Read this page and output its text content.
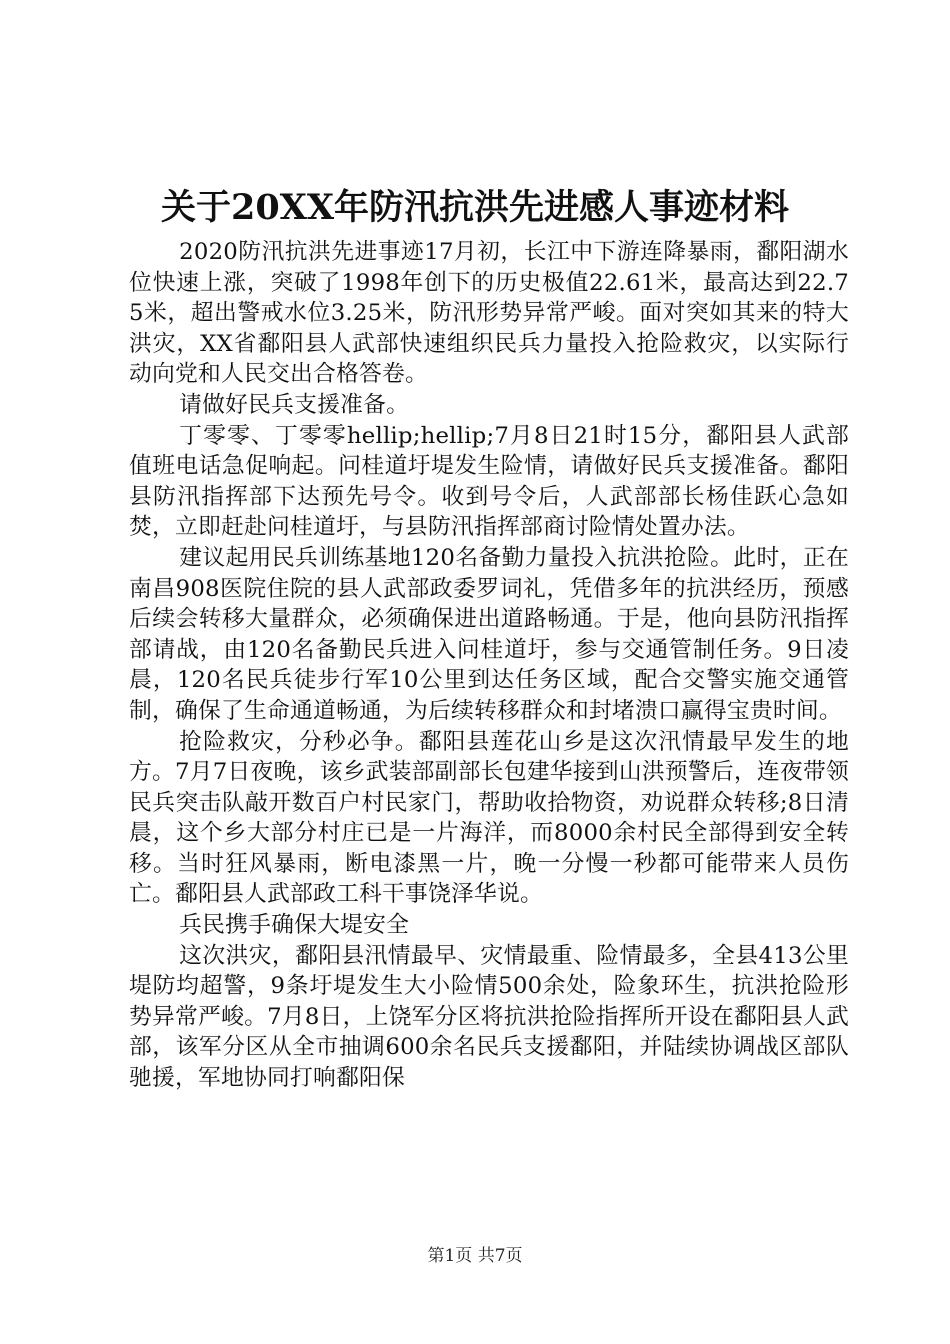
关于20XX年防汛抗洪先进感人事迹材料

2020防汛抗洪先进事迹17月初，长江中下游连降暴雨，鄱阳湖水位快速上涨，突破了1998年创下的历史极值22.61米，最高达到22.75米，超出警戒水位3.25米，防汛形势异常严峻。面对突如其来的特大洪灾，XX省鄱阳县人武部快速组织民兵力量投入抢险救灾，以实际行动向党和人民交出合格答卷。

请做好民兵支援准备。

丁零零、丁零零hellip;hellip;7月8日21时15分，鄱阳县人武部值班电话急促响起。问桂道圩堤发生险情，请做好民兵支援准备。鄱阳县防汛指挥部下达预先号令。收到号令后，人武部部长杨佳跃心急如焚，立即赶赴问桂道圩，与县防汛指挥部商讨险情处置办法。

建议起用民兵训练基地120名备勤力量投入抗洪抢险。此时，正在南昌908医院住院的县人武部政委罗词礼，凭借多年的抗洪经历，预感后续会转移大量群众，必须确保进出道路畅通。于是，他向县防汛指挥部请战，由120名备勤民兵进入问桂道圩，参与交通管制任务。9日凌晨，120名民兵徒步行军10公里到达任务区域，配合交警实施交通管制，确保了生命通道畅通，为后续转移群众和封堵溃口赢得宝贵时间。

抢险救灾，分秒必争。鄱阳县莲花山乡是这次汛情最早发生的地方。7月7日夜晚，该乡武装部副部长包建华接到山洪预警后，连夜带领民兵突击队敲开数百户村民家门，帮助收拾物资，劝说群众转移;8日清晨，这个乡大部分村庄已是一片海洋，而8000余村民全部得到安全转移。当时狂风暴雨，断电漆黑一片，晚一分慢一秒都可能带来人员伤亡。鄱阳县人武部政工科干事饶泽华说。

兵民携手确保大堤安全

这次洪灾，鄱阳县汛情最早、灾情最重、险情最多，全县413公里堤防均超警，9条圩堤发生大小险情500余处，险象环生，抗洪抢险形势异常严峻。7月8日，上饶军分区将抗洪抢险指挥所开设在鄱阳县人武部，该军分区从全市抽调600余名民兵支援鄱阳，并陆续协调战区部队驰援，军地协同打响鄱阳保

第1页 共7页
